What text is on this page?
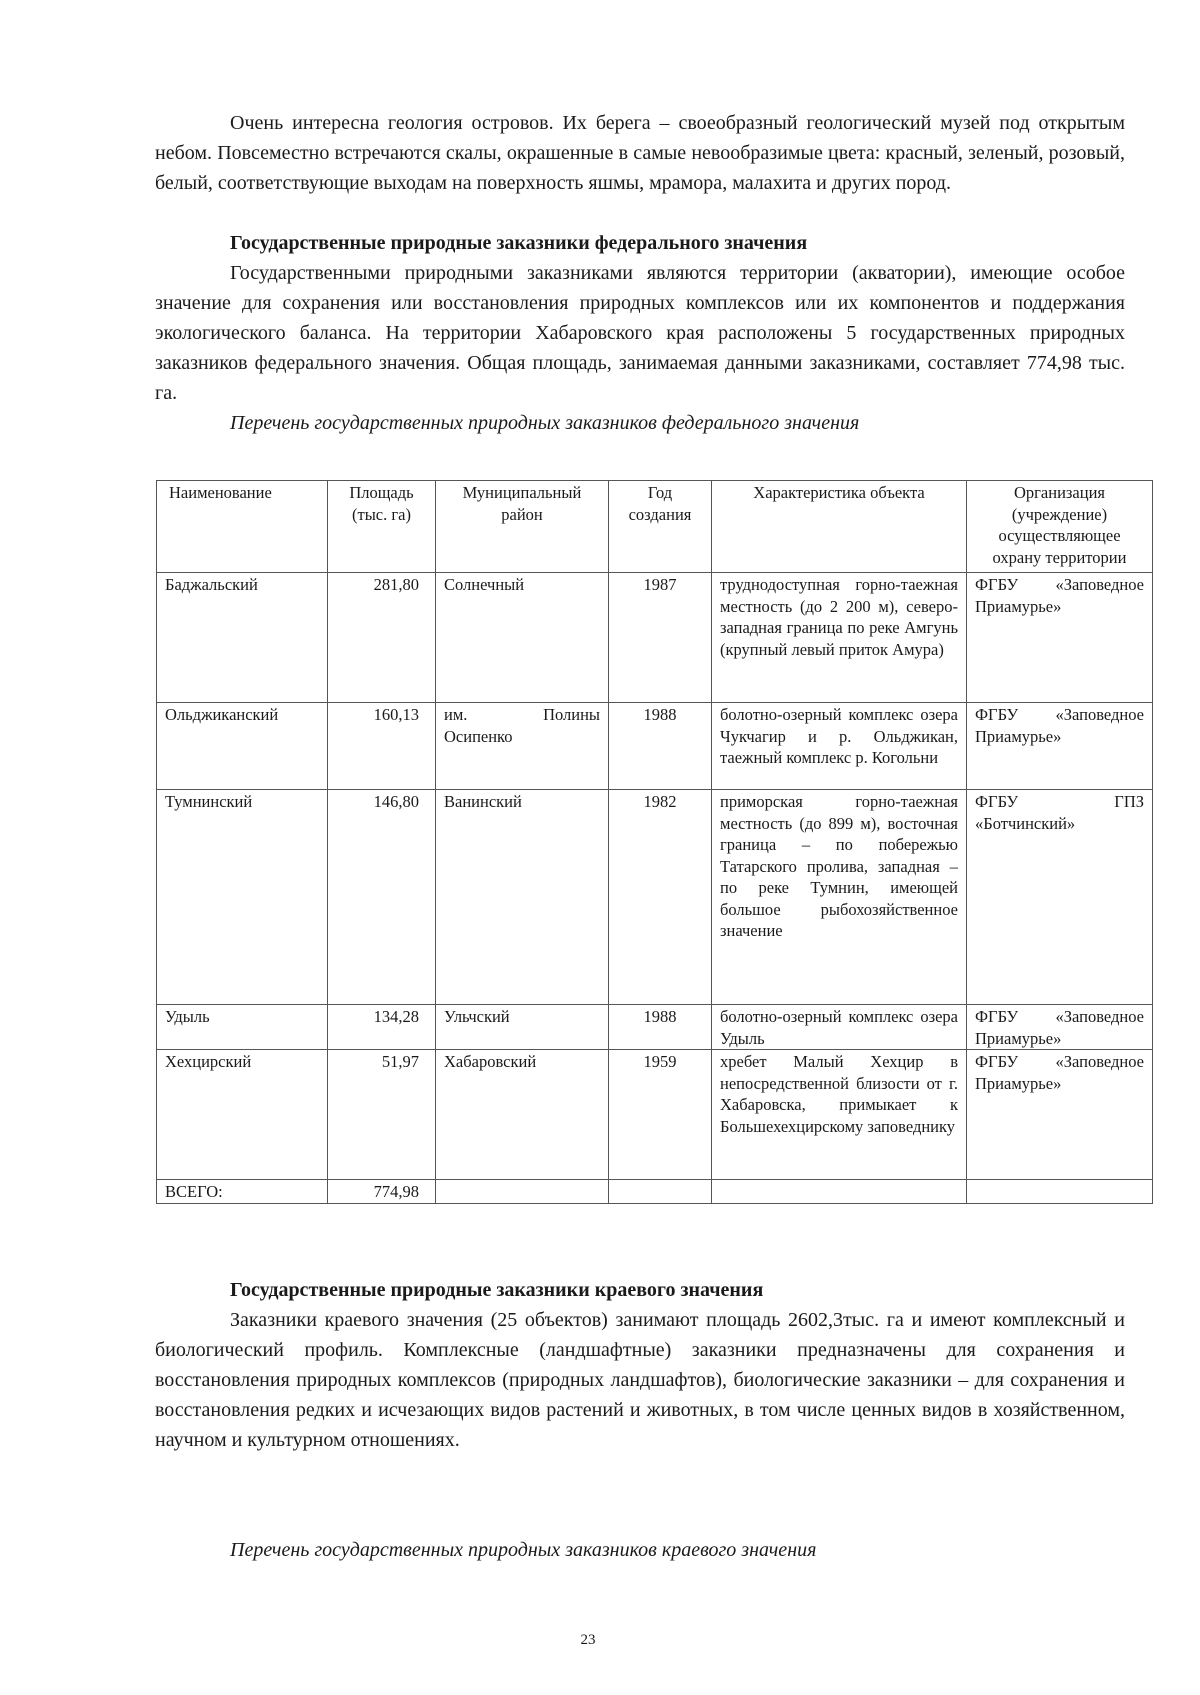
Очень интересна геология островов. Их берега – своеобразный геологический музей под открытым небом. Повсеместно встречаются скалы, окрашенные в самые невообразимые цвета: красный, зеленый, розовый, белый, соответствующие выходам на поверхность яшмы, мрамора, малахита и других пород.

Государственные природные заказники федерального значения

Государственными природными заказниками являются территории (акватории), имеющие особое значение для сохранения или восстановления природных комплексов или их компонентов и поддержания экологического баланса. На территории Хабаровского края расположены 5 государственных природных заказников федерального значения. Общая площадь, занимаемая данными заказниками, составляет 774,98 тыс. га.

Перечень государственных природных заказников федерального значения
Наименование	Площадь (тыс. га)	Муниципальный район	Год создания	Характеристика объекта	Организация (учреждение) осуществляющее охрану территории
Баджальский	281,80	Солнечный	1987	труднодоступная горно-таежная местность (до 2 200 м), северо-западная граница по реке Амгунь (крупный левый приток Амура)	ФГБУ «Заповедное Приамурье»
Ольджиканский	160,13	им. Полины Осипенко	1988	болотно-озерный комплекс озера Чукчагир и р. Ольджикан, таежный комплекс р. Когольни	ФГБУ «Заповедное Приамурье»
Тумнинский	146,80	Ванинский	1982	приморская горно-таежная местность (до 899 м), восточная граница – по побережью Татарского пролива, западная – по реке Тумнин, имеющей большое рыбохозяйственное значение	ФГБУ ГПЗ «Ботчинский»
Удыль	134,28	Ульчский	1988	болотно-озерный комплекс озера Удыль	ФГБУ «Заповедное Приамурье»
Хехцирский	51,97	Хабаровский	1959	хребет Малый Хехцир в непосредственной близости от г. Хабаровска, примыкает к Большехехцирскому заповеднику	ФГБУ «Заповедное Приамурье»
ВСЕГО:	774,98				
Государственные природные заказники краевого значения

Заказники краевого значения (25 объектов) занимают площадь 2602,3тыс. га и имеют комплексный и биологический профиль. Комплексные (ландшафтные) заказники предназначены для сохранения и восстановления природных комплексов (природных ландшафтов), биологические заказники – для сохранения и восстановления редких и исчезающих видов растений и животных, в том числе ценных видов в хозяйственном, научном и культурном отношениях.

Перечень государственных природных заказников краевого значения
23
